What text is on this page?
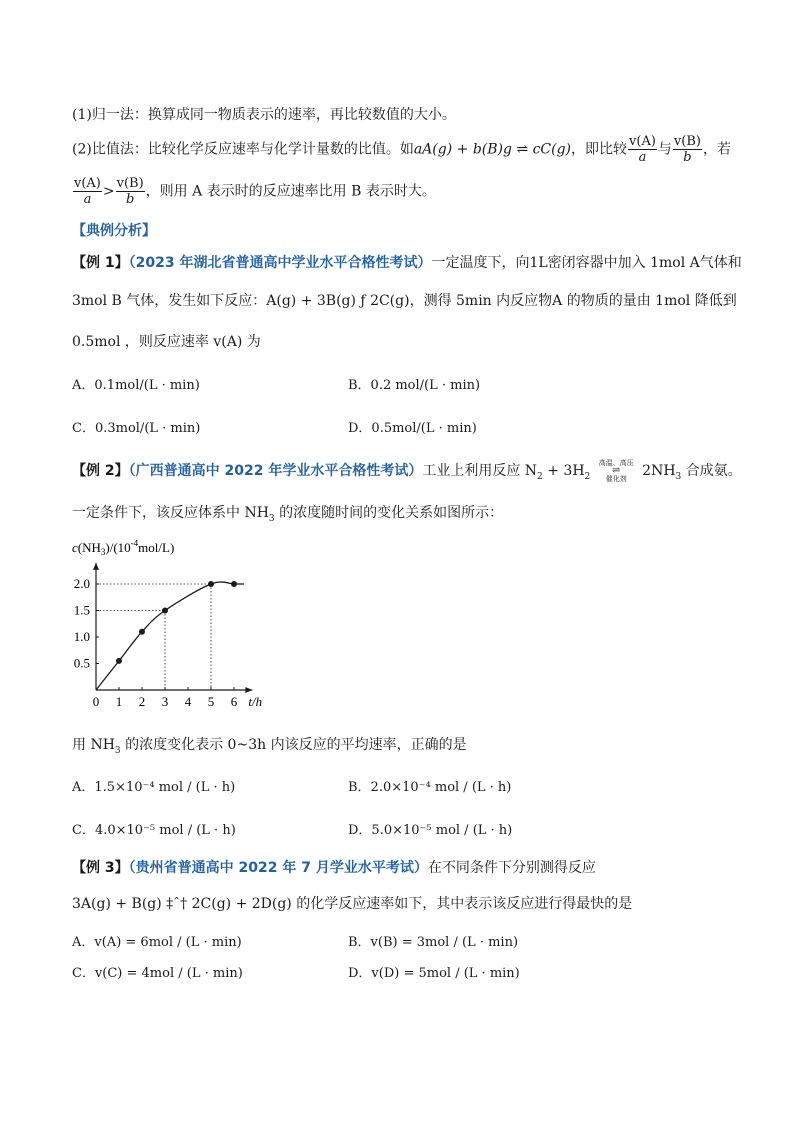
(1)归一法：换算成同一物质表示的速率，再比较数值的大小。
(2)比值法：比较化学反应速率与化学计量数的比值。如aA(g) + b(B)g ⇌ cC(g)，即比较 $\frac{v(A)}{a}$ 与 $\frac{v(B)}{b}$ ，若
$\frac{v(A)}{a} > \frac{v(B)}{b}$ ，则用 A 表示时的反应速率比用 B 表示时大。
【典例分析】
【例 1】（2023 年湖北省普通高中学业水平合格性考试）一定温度下，向1L密闭容器中加入 1mol A气体和
3mol B 气体，发生如下反应：A(g) + 3B(g) ƒ 2C(g)，测得 5min 内反应物A 的物质的量由 1mol 降低到
0.5mol ，则反应速率 v(A) 为
A．0.1mol/(L · min)	B．0.2 mol/(L · min)
C．0.3mol/(L · min)	D．0.5mol/(L · min)
【例 2】（广西普通高中 2022 年学业水平合格性考试）工业上利用反应 $N_2 + 3H_2$
高温、高压
⇌
催化剂	$2NH_3$ 合成氨。
一定条件下，该反应体系中 $NH_3$ 的浓度随时间的变化关系如图所示：
$c(NH_3)/(10^{-4}mol/L)$
0 1 2 3 4 5 6 t/h
0.5
1.0
1.5
2.0
用 $NH_3$ 的浓度变化表示 0~3h 内该反应的平均速率，正确的是
A．1.5×10⁻⁴ mol / (L · h)	B．2.0×10⁻⁴ mol / (L · h)
C．4.0×10⁻⁵ mol / (L · h)	D．5.0×10⁻⁵ mol / (L · h)
【例 3】（贵州省普通高中 2022 年 7 月学业水平考试）在不同条件下分别测得反应
3A(g) + B(g) ‡ˆ† 2C(g) + 2D(g) 的化学反应速率如下，其中表示该反应进行得最快的是
A．v(A) = 6mol / (L · min)	B．v(B) = 3mol / (L · min)
C．v(C) = 4mol / (L · min)	D．v(D) = 5mol / (L · min)
